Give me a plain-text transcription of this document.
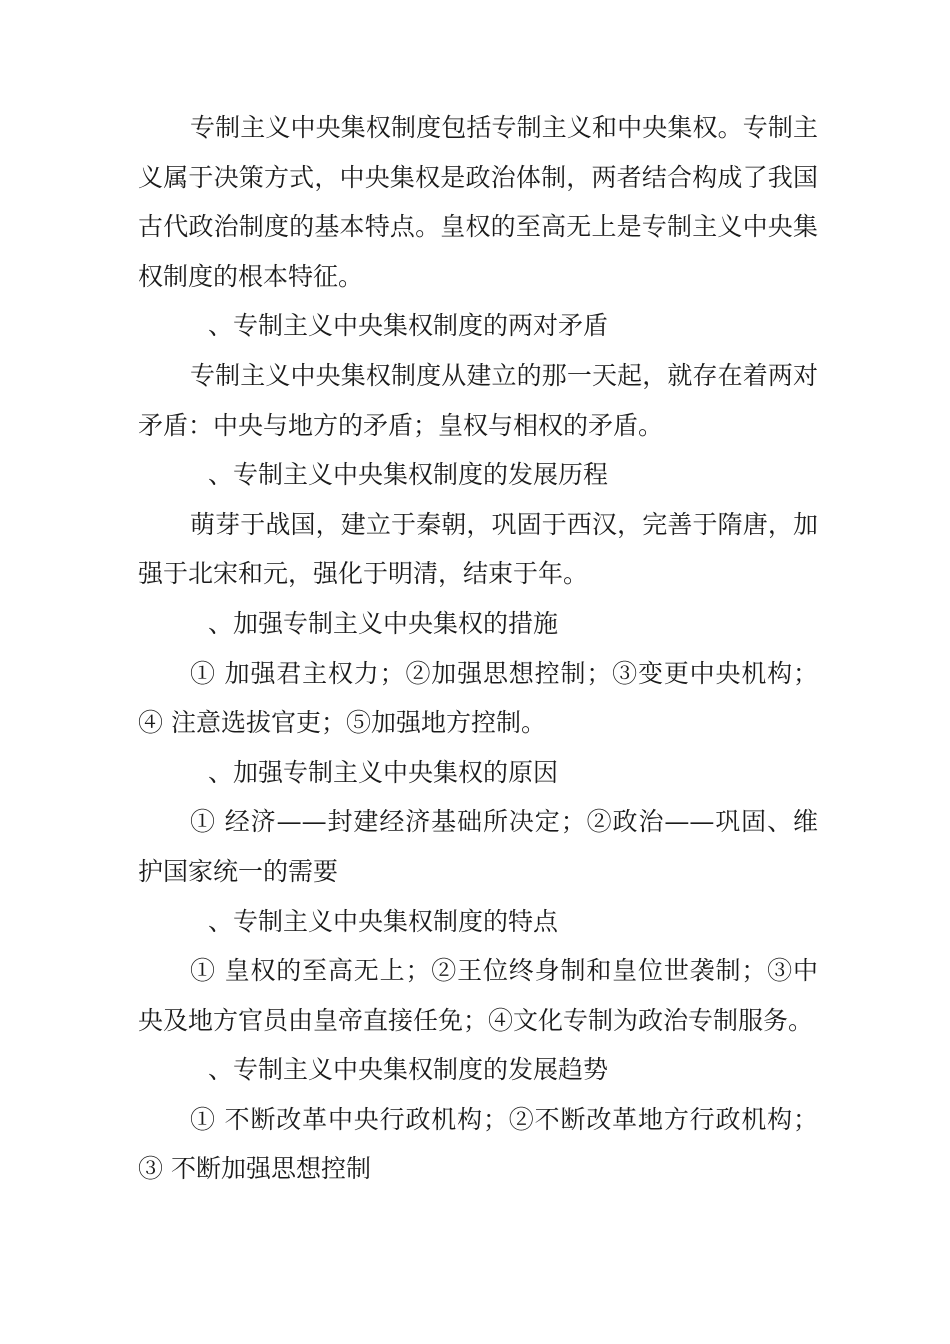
专制主义中央集权制度包括专制主义和中央集权。专制主义属于决策方式，中央集权是政治体制，两者结合构成了我国古代政治制度的基本特点。皇权的至高无上是专制主义中央集权制度的根本特征。

、专制主义中央集权制度的两对矛盾

专制主义中央集权制度从建立的那一天起，就存在着两对矛盾：中央与地方的矛盾；皇权与相权的矛盾。

、专制主义中央集权制度的发展历程

萌芽于战国，建立于秦朝，巩固于西汉，完善于隋唐，加强于北宋和元，强化于明清，结束于年。

、加强专制主义中央集权的措施

① 加强君主权力；②加强思想控制；③变更中央机构；④ 注意选拔官吏；⑤加强地方控制。

、加强专制主义中央集权的原因

① 经济——封建经济基础所决定；②政治——巩固、维护国家统一的需要

、专制主义中央集权制度的特点

① 皇权的至高无上；②王位终身制和皇位世袭制；③中央及地方官员由皇帝直接任免；④文化专制为政治专制服务。

、专制主义中央集权制度的发展趋势

① 不断改革中央行政机构；②不断改革地方行政机构；③ 不断加强思想控制
